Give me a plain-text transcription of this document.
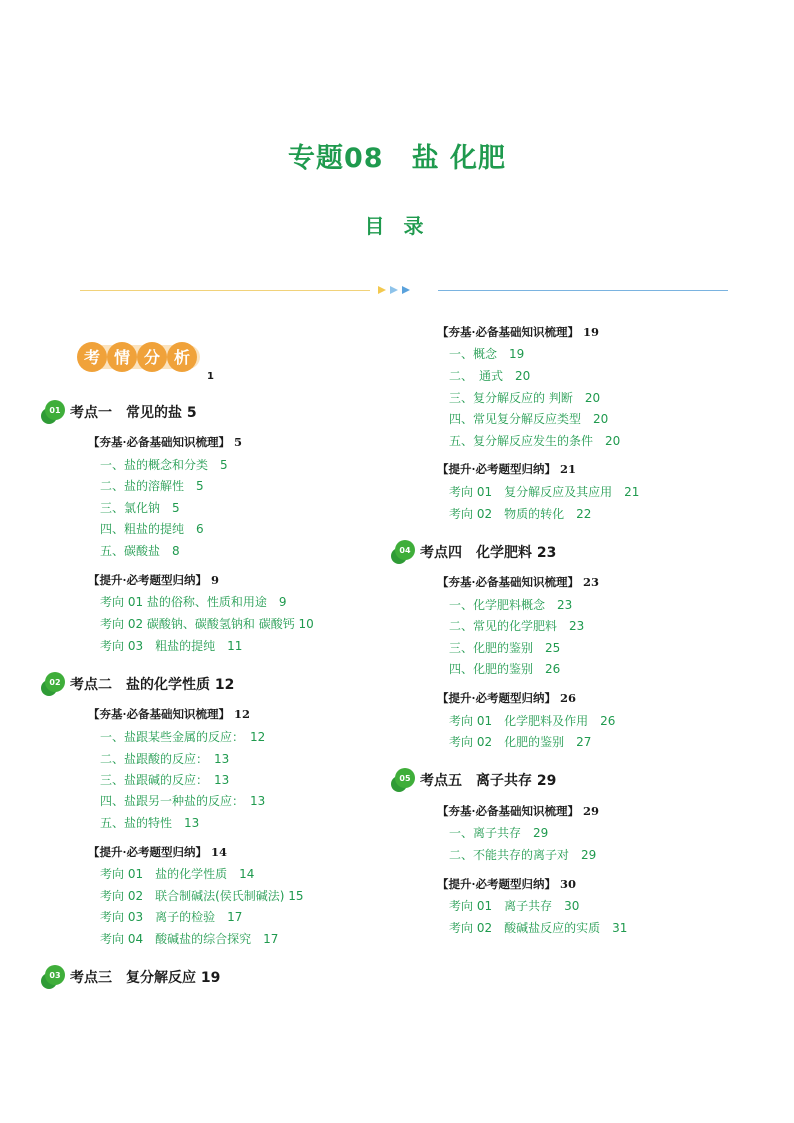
专题08　盐 化肥
目 录
考 情 分 析
1
01 考点一　常见的盐 5
【夯基·必备基础知识梳理】 5
一、盐的概念和分类　5
二、盐的溶解性　5
三、氯化钠　5
四、粗盐的提纯　6
五、碳酸盐　8
【提升·必考题型归纳】 9
考向 01 盐的俗称、性质和用途　9
考向 02 碳酸钠、碳酸氢钠和 碳酸钙 10
考向 03　粗盐的提纯　11
02 考点二　盐的化学性质 12
【夯基·必备基础知识梳理】 12
一、盐跟某些金属的反应：　12
二、盐跟酸的反应：　13
三、盐跟碱的反应：　13
四、盐跟另一种盐的反应：　13
五、盐的特性　13
【提升·必考题型归纳】 14
考向 01　盐的化学性质　14
考向 02　联合制碱法(侯氏制碱法) 15
考向 03　离子的检验　17
考向 04　酸碱盐的综合探究　17
03 考点三　复分解反应 19
【夯基·必备基础知识梳理】 19
一、概念　19
二、　通式　20
三、复分解反应的 判断　20
四、常见复分解反应类型　20
五、复分解反应发生的条件　20
【提升·必考题型归纳】 21
考向 01　复分解反应及其应用　21
考向 02　物质的转化　22
04 考点四　化学肥料 23
【夯基·必备基础知识梳理】 23
一、化学肥料概念　23
二、常见的化学肥料　23
三、化肥的鉴别　25
四、化肥的鉴别　26
【提升·必考题型归纳】 26
考向 01　化学肥料及作用　26
考向 02　化肥的鉴别　27
05 考点五　离子共存 29
【夯基·必备基础知识梳理】 29
一、离子共存　29
二、不能共存的离子对　29
【提升·必考题型归纳】 30
考向 01　离子共存　30
考向 02　酸碱盐反应的实质　31
